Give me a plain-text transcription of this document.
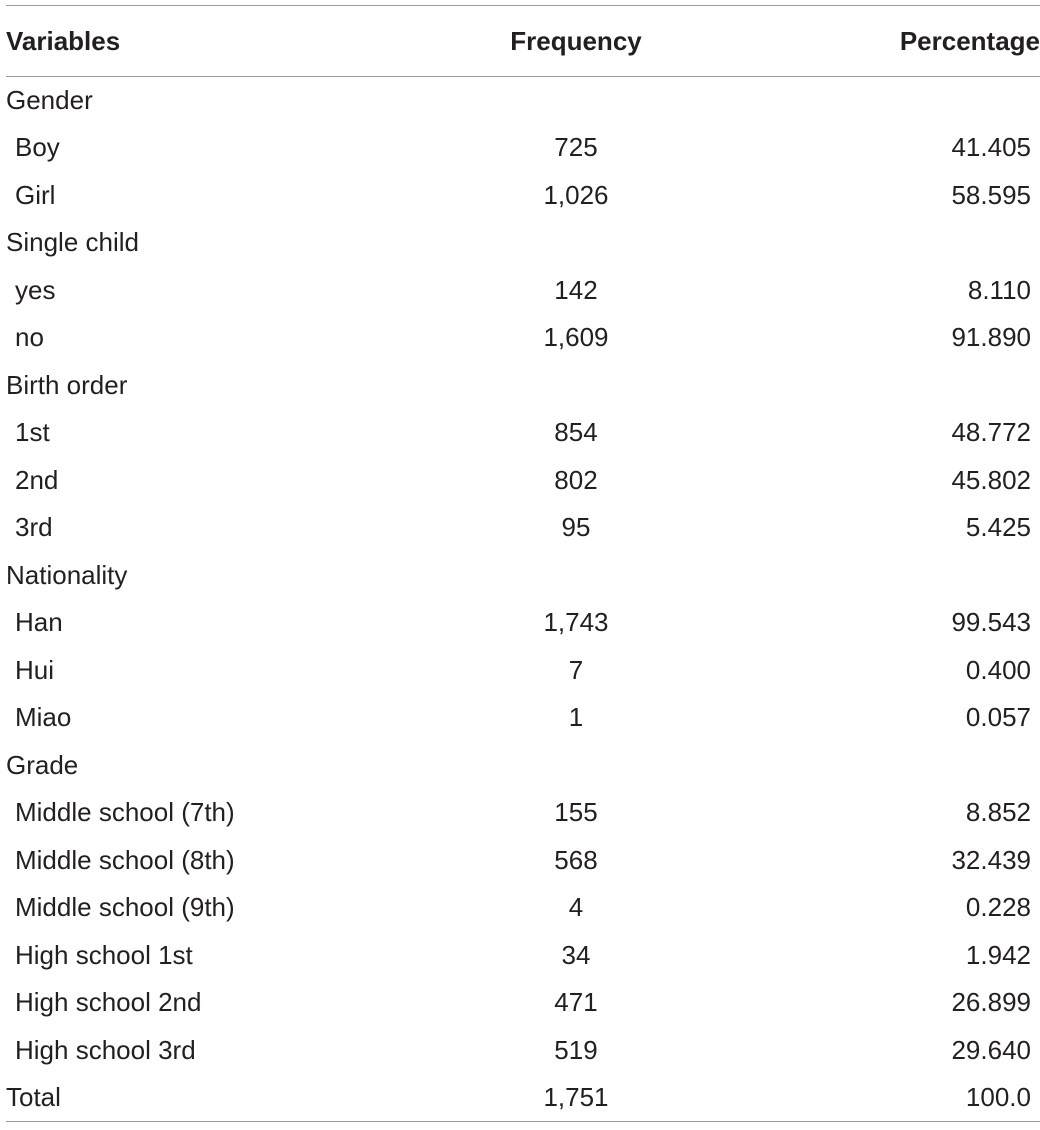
Variables	Frequency	Percentage
Gender		
Boy	725	41.405
Girl	1,026	58.595
Single child		
yes	142	8.110
no	1,609	91.890
Birth order		
1st	854	48.772
2nd	802	45.802
3rd	95	5.425
Nationality		
Han	1,743	99.543
Hui	7	0.400
Miao	1	0.057
Grade		
Middle school (7th)	155	8.852
Middle school (8th)	568	32.439
Middle school (9th)	4	0.228
High school 1st	34	1.942
High school 2nd	471	26.899
High school 3rd	519	29.640
Total	1,751	100.0
